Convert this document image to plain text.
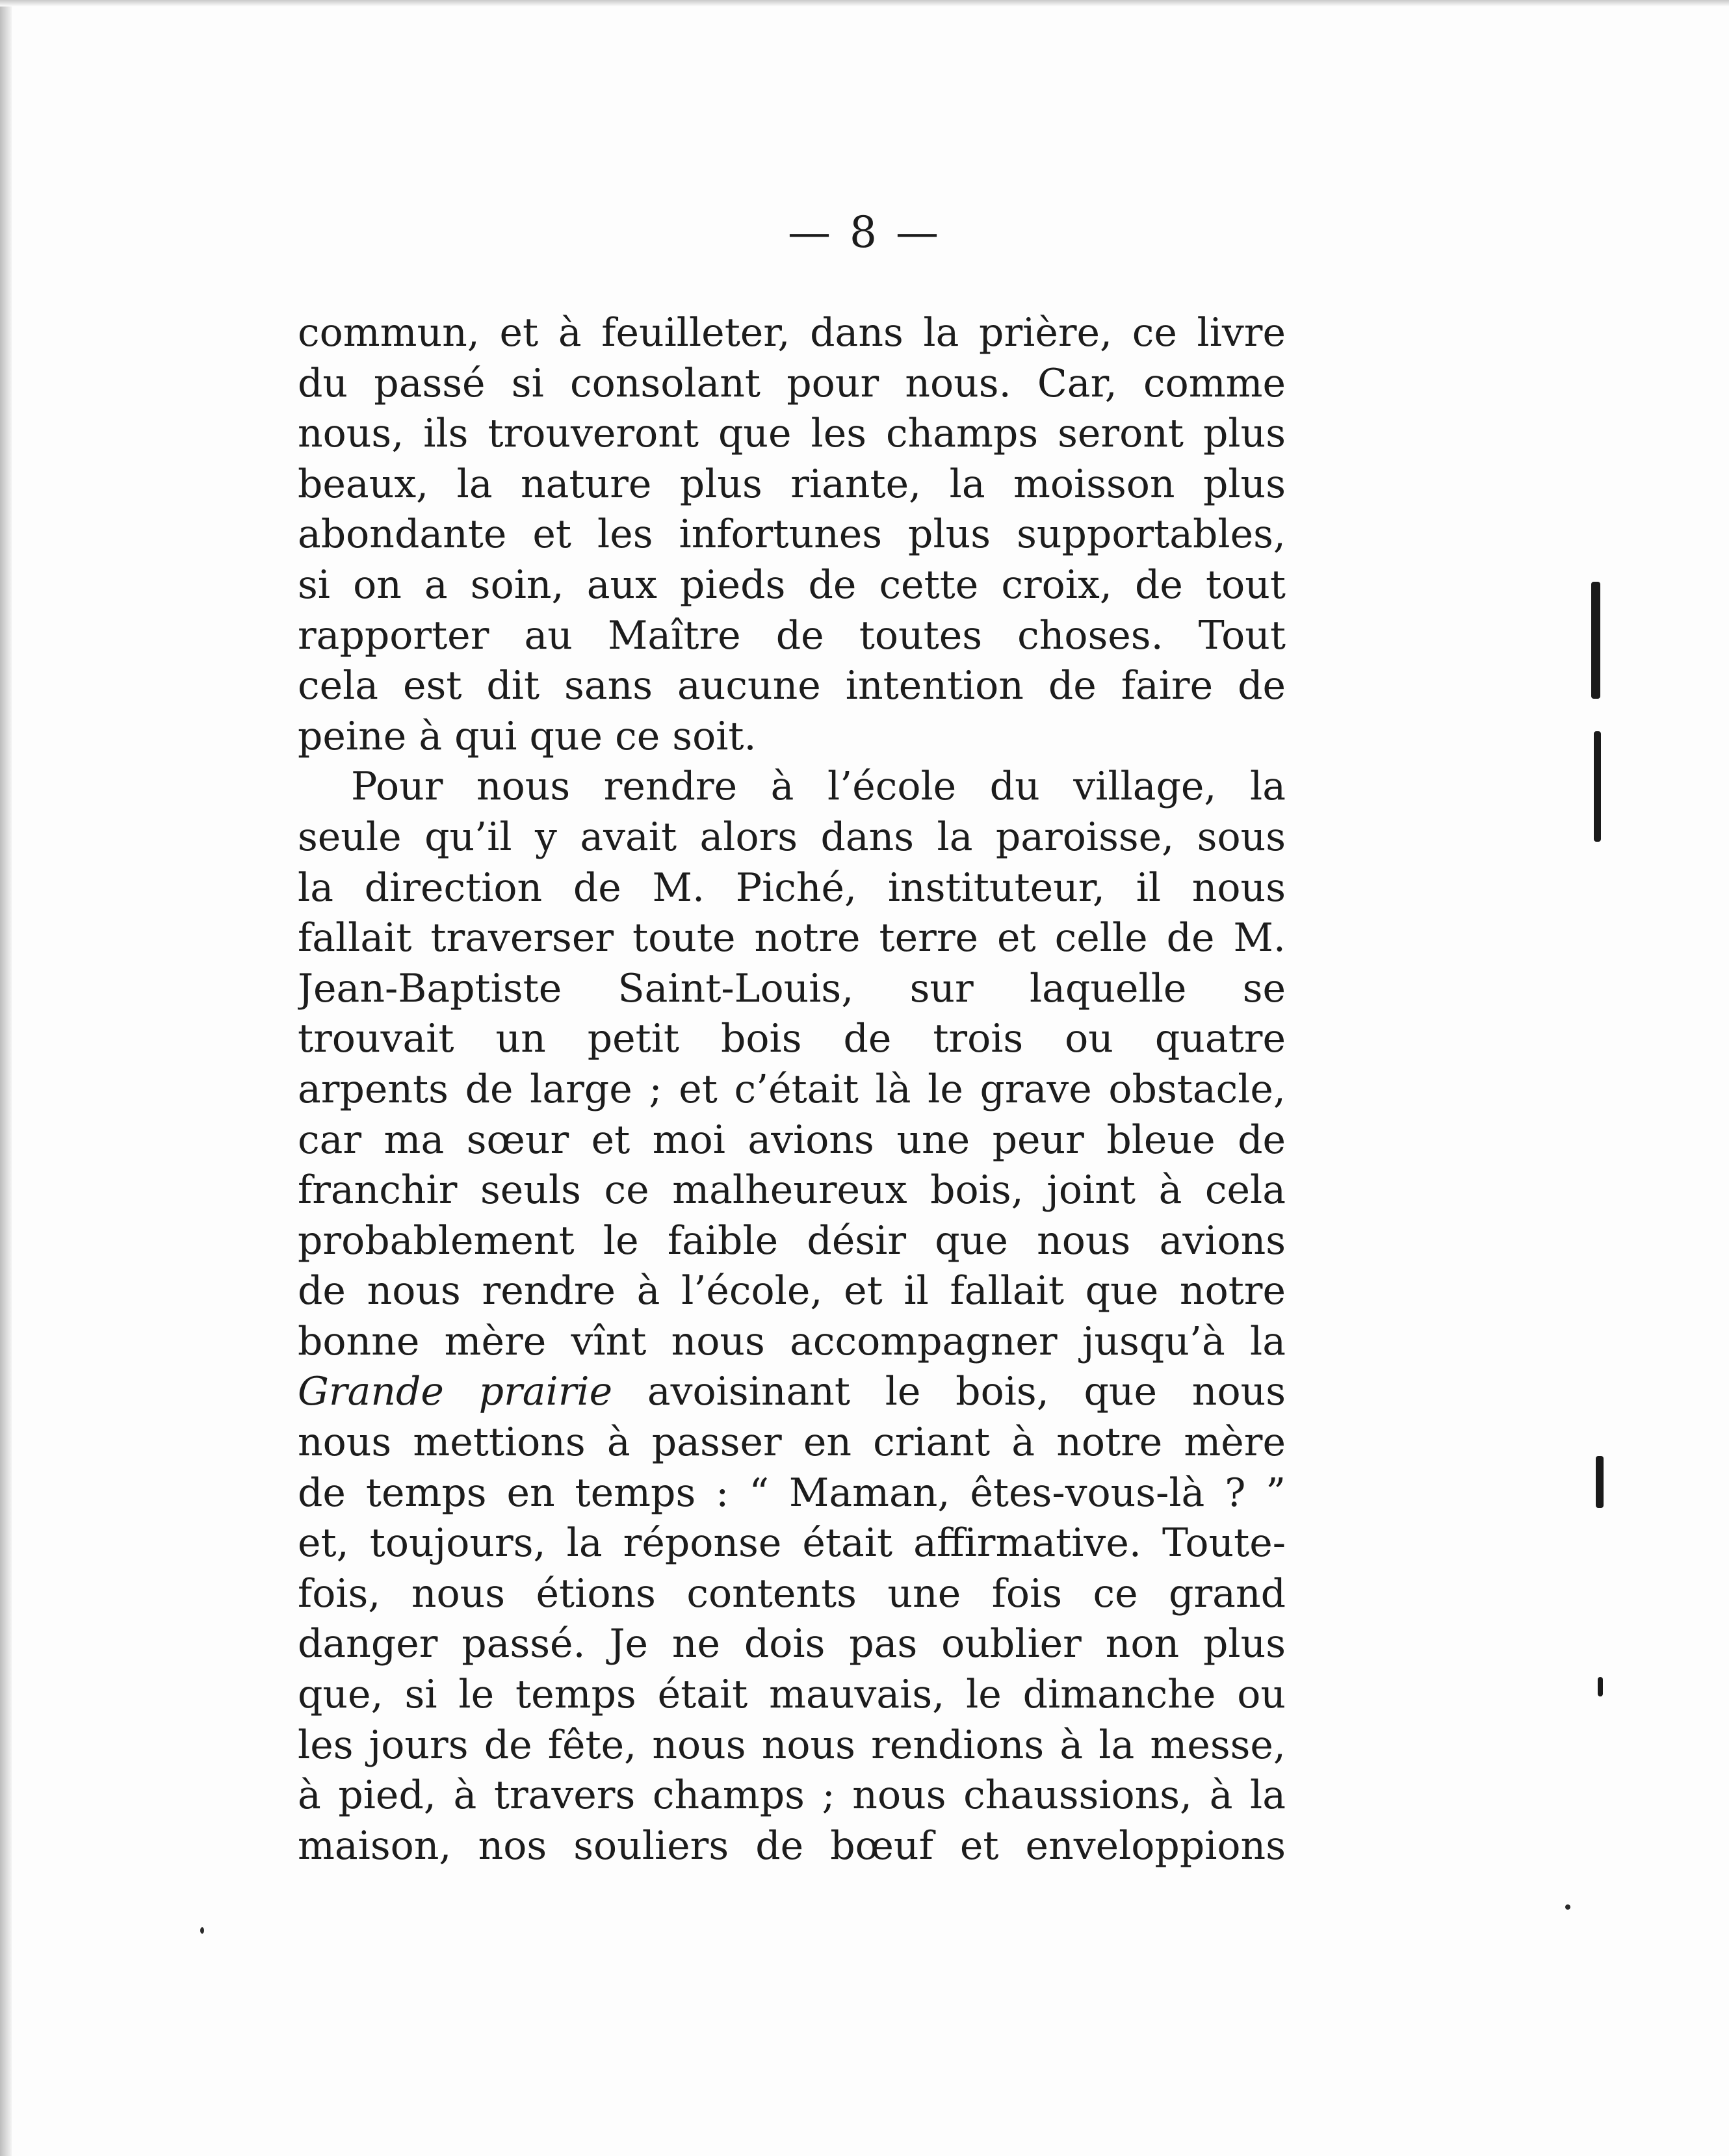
— 8 —
commun, et à feuilleter, dans la prière, ce livre
du passé si consolant pour nous. Car, comme
nous, ils trouveront que les champs seront plus
beaux, la nature plus riante, la moisson plus
abondante et les infortunes plus supportables,
si on a soin, aux pieds de cette croix, de tout
rapporter au Maître de toutes choses. Tout
cela est dit sans aucune intention de faire de
peine à qui que ce soit.
Pour nous rendre à l’école du village, la
seule qu’il y avait alors dans la paroisse, sous
la direction de M. Piché, instituteur, il nous
fallait traverser toute notre terre et celle de M.
Jean-Baptiste Saint-Louis, sur laquelle se
trouvait un petit bois de trois ou quatre
arpents de large ; et c’était là le grave obstacle,
car ma sœur et moi avions une peur bleue de
franchir seuls ce malheureux bois, joint à cela
probablement le faible désir que nous avions
de nous rendre à l’école, et il fallait que notre
bonne mère vînt nous accompagner jusqu’à la
Grande prairie avoisinant le bois, que nous
nous mettions à passer en criant à notre mère
de temps en temps : “ Maman, êtes-vous-là ? ”
et, toujours, la réponse était affirmative. Toute-
fois, nous étions contents une fois ce grand
danger passé. Je ne dois pas oublier non plus
que, si le temps était mauvais, le dimanche ou
les jours de fête, nous nous rendions à la messe,
à pied, à travers champs ; nous chaussions, à la
maison, nos souliers de bœuf et enveloppions
